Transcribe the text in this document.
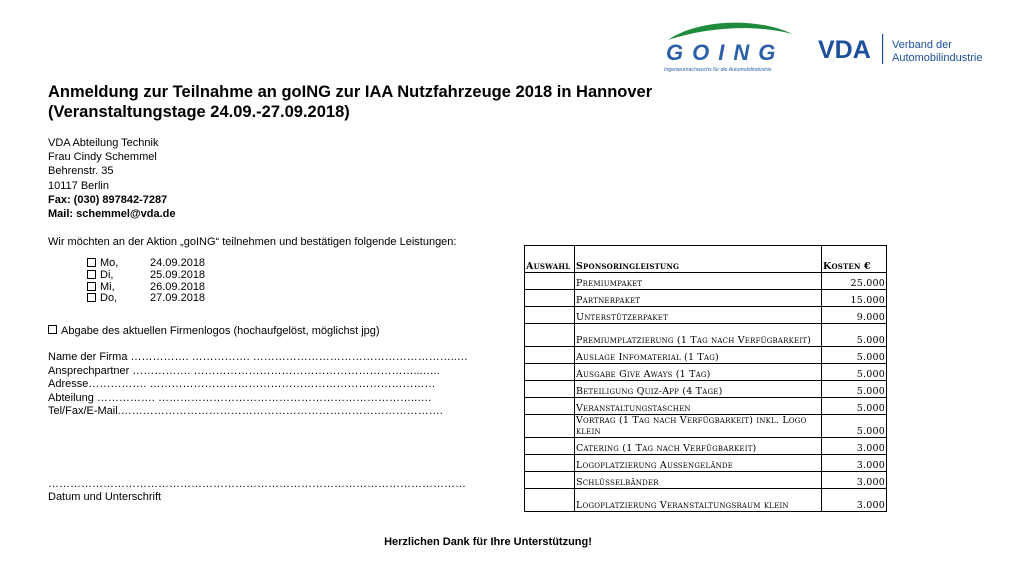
GOING
Ingenieurnachwuchs für die Automobilindustrie
VDA Verband der
Automobilindustrie
Anmeldung zur Teilnahme an goING zur IAA Nutzfahrzeuge 2018 in Hannover
(Veranstaltungstage 24.09.-27.09.2018)
VDA Abteilung Technik
Frau Cindy Schemmel
Behrenstr. 35
10117 Berlin
Fax: (030) 897842-7287
Mail: schemmel@vda.de
Wir möchten an der Aktion „goING“ teilnehmen und bestätigen folgende Leistungen:
Mo,	24.09.2018
Di,	25.09.2018
Mi,	26.09.2018
Do,	27.09.2018
Abgabe des aktuellen Firmenlogos (hochaufgelöst, möglichst jpg)
Name der Firma ……………. ……………. ………………………………………………..…
Ansprechpartner ……………. ……………………………………………………...…..
Adresse……………. ……………………………………………………………………
Abteilung ……………. ……………………………………………………………..….
Tel/Fax/E-Mail.…………………………………………………………………………….
……………………………………………………………………………………………………
Datum und Unterschrift
Auswahl	Sponsoringleistung	Kosten €
	Premiumpaket	25.000
	Partnerpaket	15.000
	Unterstützerpaket	9.000
	Premiumplatzierung (1 Tag nach Verfügbarkeit)	5.000
	Auslage Infomaterial (1 Tag)	5.000
	Ausgabe Give Aways (1 Tag)	5.000
	Beteiligung Quiz-App (4 Tage)	5.000
	Veranstaltungstaschen	5.000
	Vortrag (1 Tag nach Verfügbarkeit) inkl. Logo klein	5.000
	Catering (1 Tag nach Verfügbarkeit)	3.000
	Logoplatzierung Außengelände	3.000
	Schlüsselbänder	3.000
	Logoplatzierung Veranstaltungsraum klein	3.000
Herzlichen Dank für Ihre Unterstützung!
